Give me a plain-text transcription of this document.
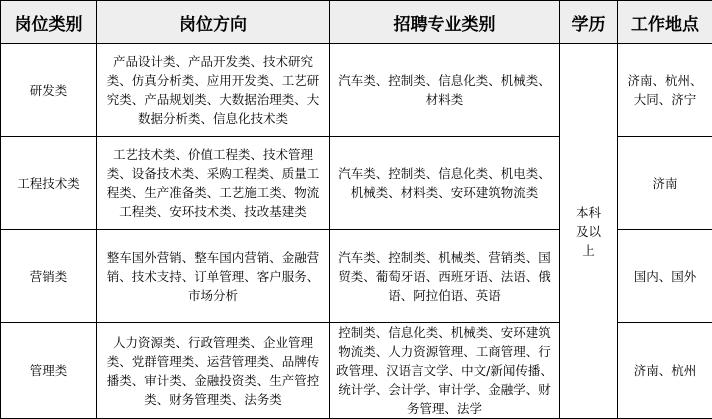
岗位类别	岗位方向	招聘专业类别	学历	工作地点

研发类	产品设计类、产品开发类、技术研究类、仿真分析类、应用开发类、工艺研究类、产品规划类、大数据治理类、大数据分析类、信息化技术类	汽车类、控制类、信息化类、机械类、材料类	本科及以上	济南、杭州、大同、济宁

工程技术类	工艺技术类、价值工程类、技术管理类、设备技术类、采购工程类、质量工程类、生产准备类、工艺施工类、物流工程类、安环技术类、技改基建类	汽车类、控制类、信息化类、机电类、机械类、材料类、安环建筑物流类		济南

营销类	整车国外营销、整车国内营销、金融营销、技术支持、订单管理、客户服务、市场分析	汽车类、控制类、机械类、营销类、国贸类、葡萄牙语、西班牙语、法语、俄语、阿拉伯语、英语		国内、国外

管理类	人力资源类、行政管理类、企业管理类、党群管理类、运营管理类、品牌传播类、审计类、金融投资类、生产管控类、财务管理类、法务类	控制类、信息化类、机械类、安环建筑物流类、人力资源管理、工商管理、行政管理、汉语言文学、中文/新闻传播、统计学、会计学、审计学、金融学、财务管理、法学		济南、杭州
